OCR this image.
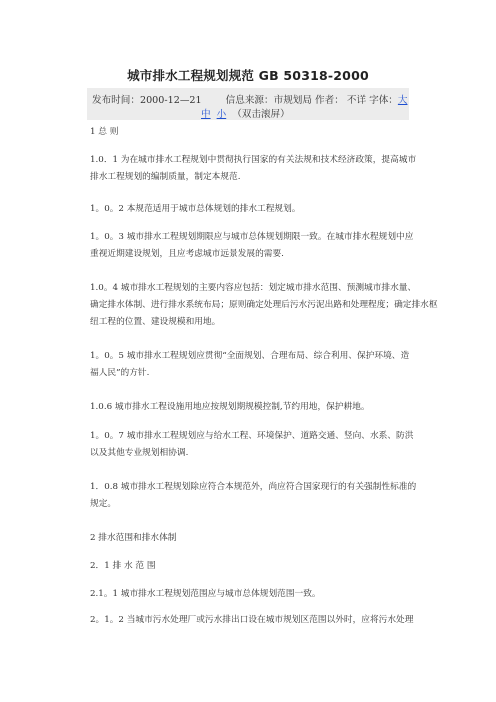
城市排水工程规划规范 GB 50318-2000
发布时间：2000-12—21	信息来源：市规划局 作者： 不详 字体：大
中 小 （双击滚屏）
1 总 则
1.0．1 为在城市排水工程规划中贯彻执行国家的有关法规和技术经济政策，提高城市
排水工程规划的编制质量，制定本规范.
1。0。2 本规范适用于城市总体规划的排水工程规划。
1。0。3 城市排水工程规划期限应与城市总体规划期限一致。在城市排水程规划中应
重视近期建设规划，且应考虑城市远景发展的需要.
1.0。4 城市排水工程规划的主要内容应包括：划定城市排水范围、预测城市排水量、
确定排水体制、进行排水系统布局；原则确定处理后污水污泥出路和处理程度；确定排水枢
纽工程的位置、建设规模和用地。
1。0。5 城市排水工程规划应贯彻“全面规划、合理布局、综合利用、保护环境、造
福人民”的方针.
1.0.6 城市排水工程设施用地应按规划期规模控制,节约用地，保护耕地。
1。0。7 城市排水工程规划应与给水工程、环境保护、道路交通、竖向、水系、防洪
以及其他专业规划相协调.
1．0.8 城市排水工程规划除应符合本规范外，尚应符合国家现行的有关强制性标准的
规定。
2 排水范围和排水体制
2．1 排 水 范 围
2.1。1 城市排水工程规划范围应与城市总体规划范围一致。
2。1。2 当城市污水处理厂或污水排出口设在城市规划区范围以外时，应将污水处理
